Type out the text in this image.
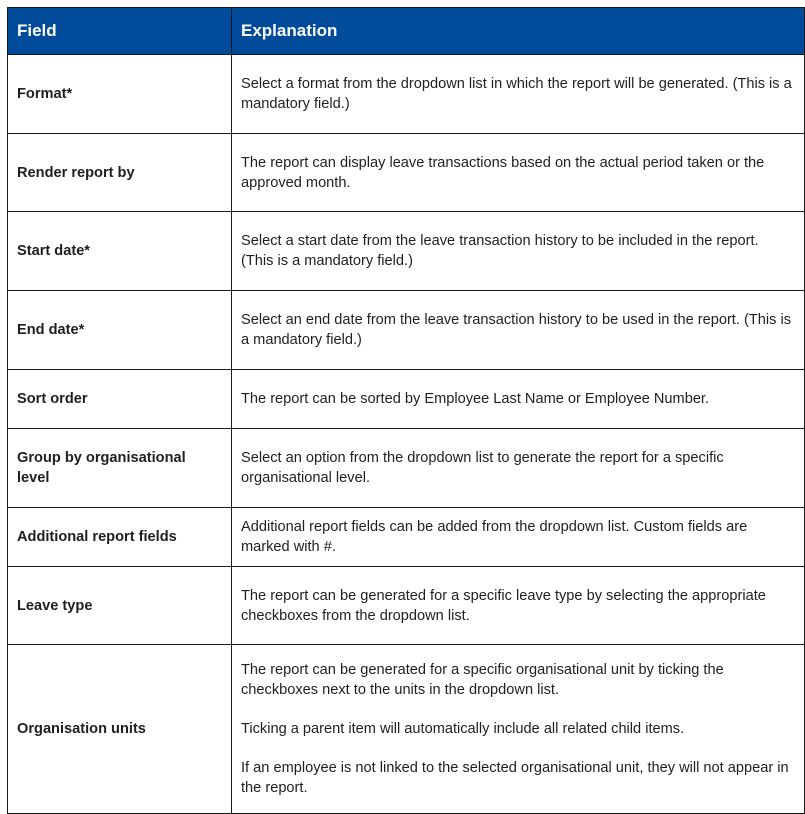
Field	Explanation
Format*	Select a format from the dropdown list in which the report will be generated. (This is a mandatory field.)

Render report by	The report can display leave transactions based on the actual period taken or the approved month.

Start date*	Select a start date from the leave transaction history to be included in the report. (This is a mandatory field.)

End date*	Select an end date from the leave transaction history to be used in the report. (This is a mandatory field.)

Sort order	The report can be sorted by Employee Last Name or Employee Number.

Group by organisational level	Select an option from the dropdown list to generate the report for a specific organisational level.

Additional report fields	Additional report fields can be added from the dropdown list. Custom fields are marked with #.

Leave type	The report can be generated for a specific leave type by selecting the appropriate checkboxes from the dropdown list.

Organisation units	The report can be generated for a specific organisational unit by ticking the checkboxes next to the units in the dropdown list.

Ticking a parent item will automatically include all related child items.

If an employee is not linked to the selected organisational unit, they will not appear in the report.
